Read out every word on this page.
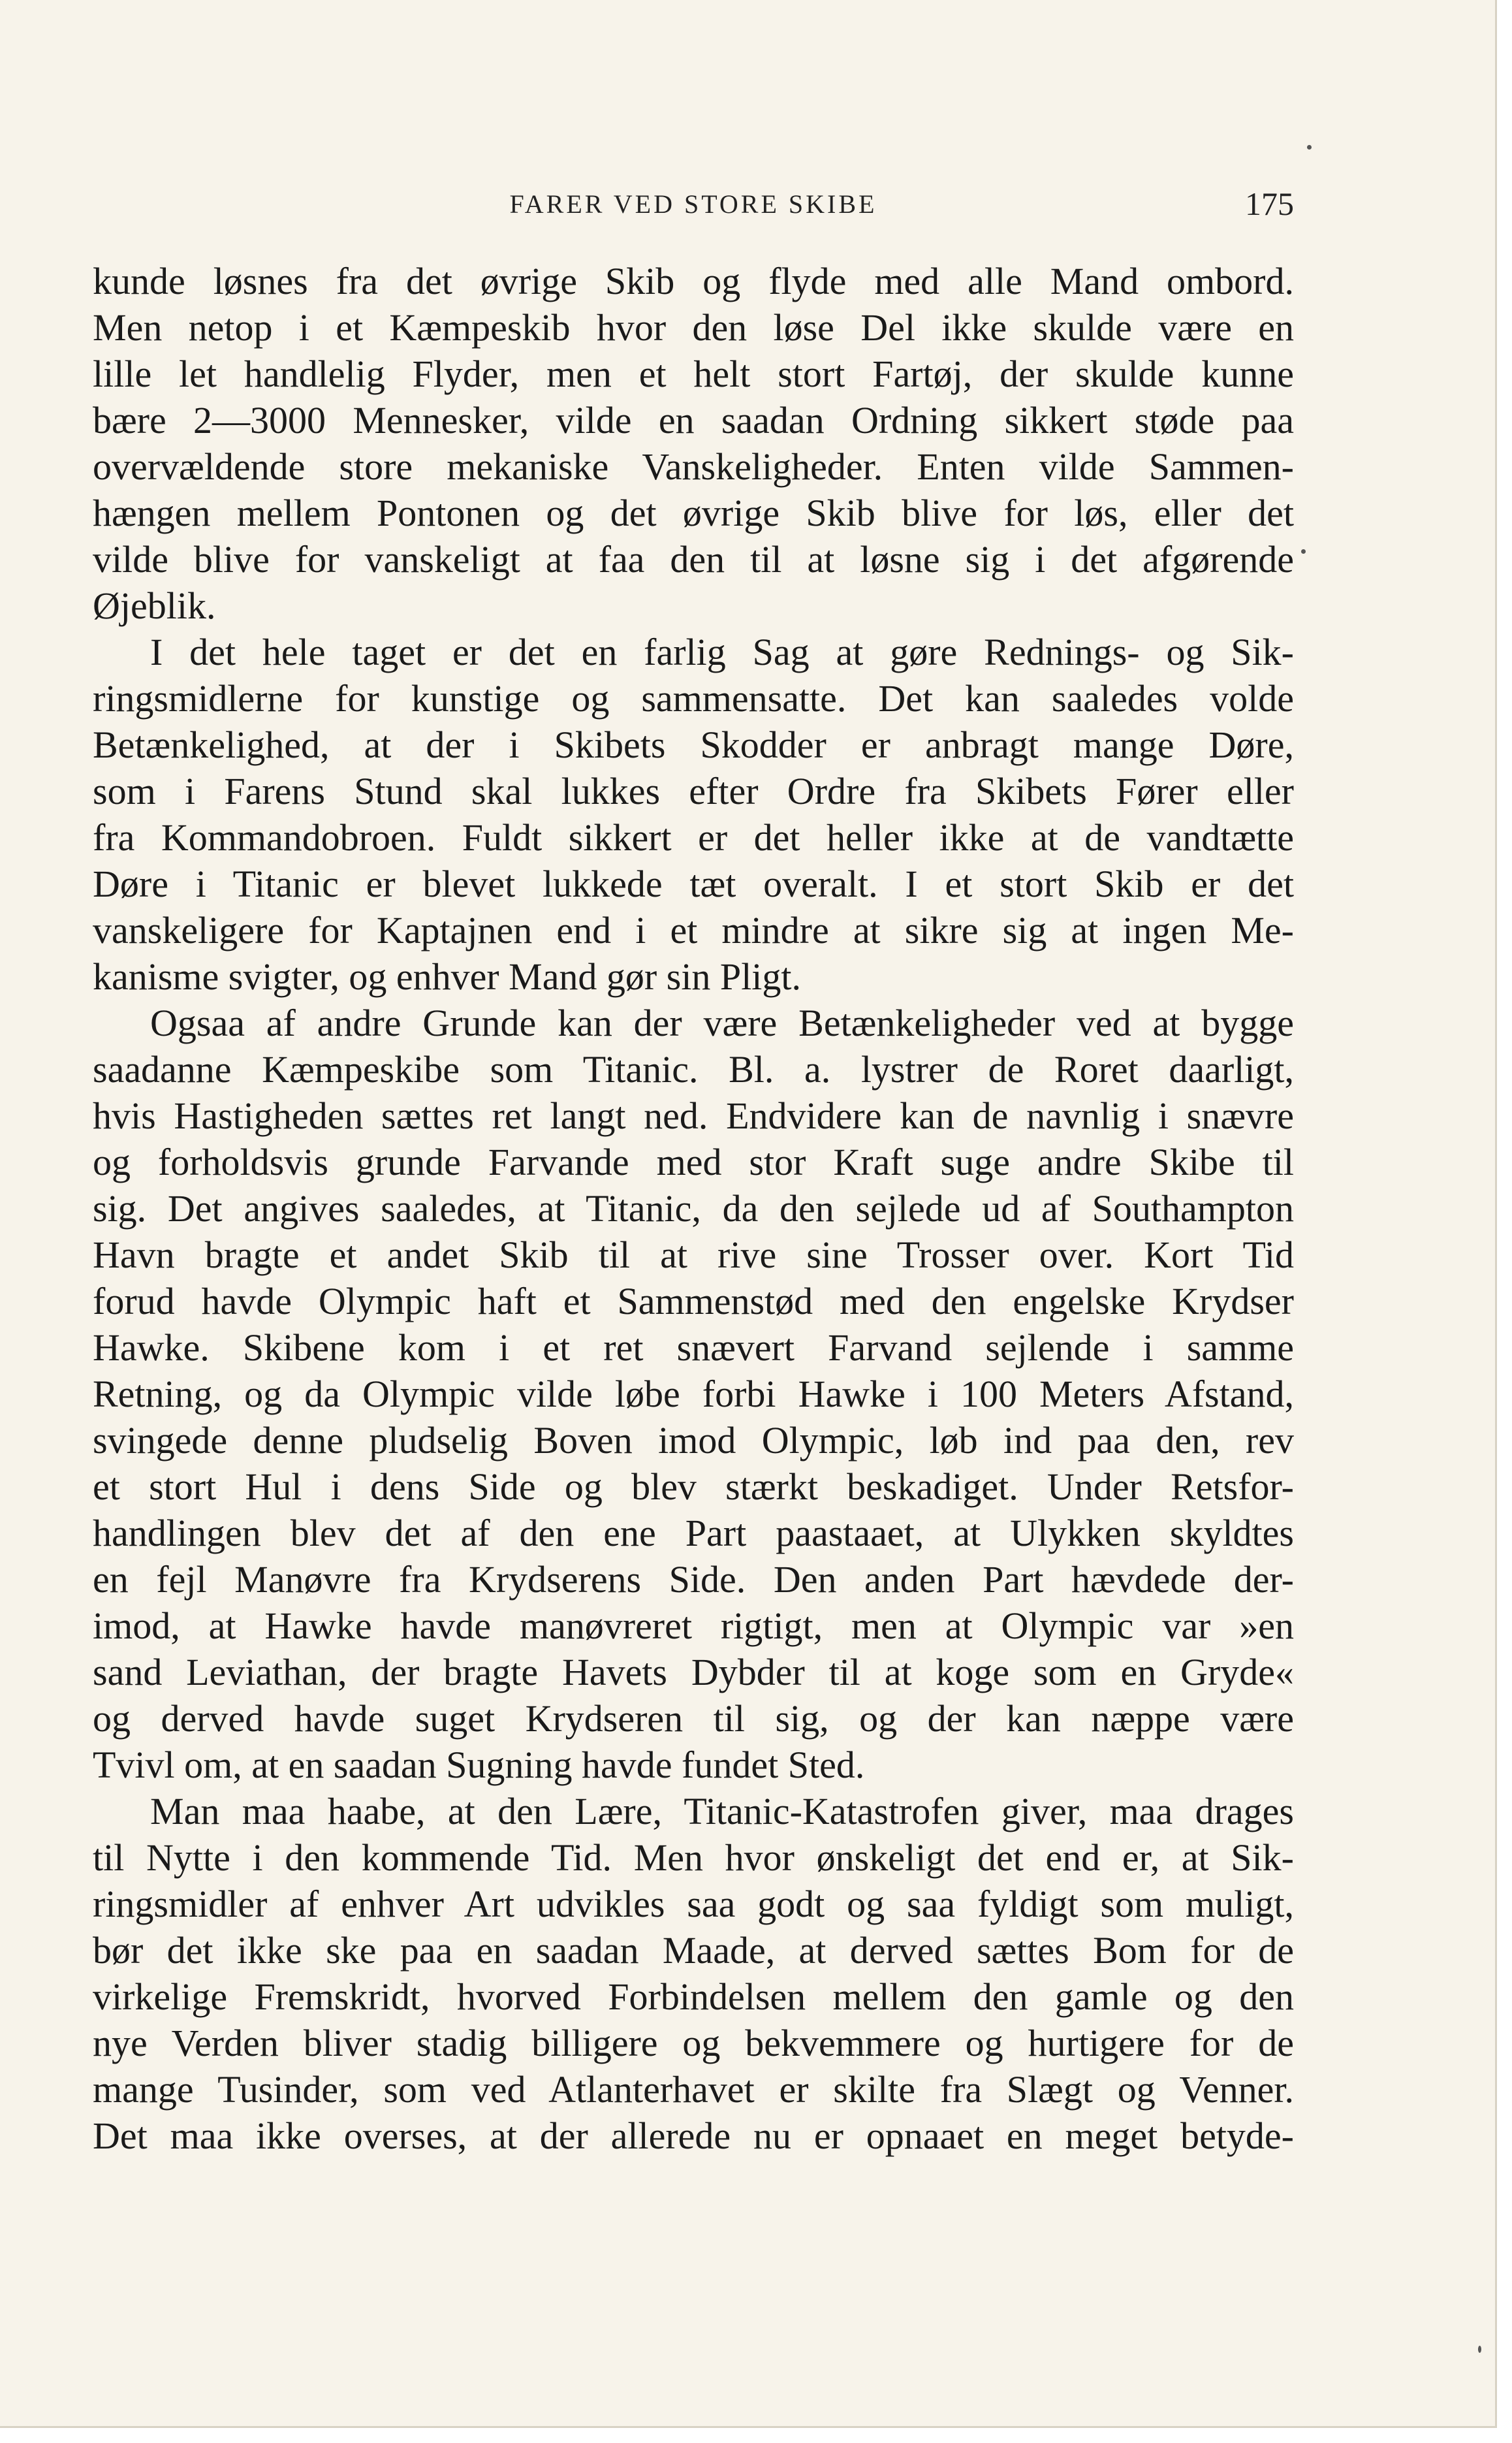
FARER VED STORE SKIBE	175
kunde løsnes fra det øvrige Skib og flyde med alle Mand ombord.
Men netop i et Kæmpeskib hvor den løse Del ikke skulde være en
lille let handlelig Flyder, men et helt stort Fartøj, der skulde kunne
bære 2—3000 Mennesker, vilde en saadan Ordning sikkert støde paa
overvældende store mekaniske Vanskeligheder. Enten vilde Sammen-
hængen mellem Pontonen og det øvrige Skib blive for løs, eller det
vilde blive for vanskeligt at faa den til at løsne sig i det afgørende
Øjeblik.
I det hele taget er det en farlig Sag at gøre Rednings- og Sik-
ringsmidlerne for kunstige og sammensatte. Det kan saaledes volde
Betænkelighed, at der i Skibets Skodder er anbragt mange Døre,
som i Farens Stund skal lukkes efter Ordre fra Skibets Fører eller
fra Kommandobroen. Fuldt sikkert er det heller ikke at de vandtætte
Døre i Titanic er blevet lukkede tæt overalt. I et stort Skib er det
vanskeligere for Kaptajnen end i et mindre at sikre sig at ingen Me-
kanisme svigter, og enhver Mand gør sin Pligt.
Ogsaa af andre Grunde kan der være Betænkeligheder ved at bygge
saadanne Kæmpeskibe som Titanic. Bl. a. lystrer de Roret daarligt,
hvis Hastigheden sættes ret langt ned. Endvidere kan de navnlig i snævre
og forholdsvis grunde Farvande med stor Kraft suge andre Skibe til
sig. Det angives saaledes, at Titanic, da den sejlede ud af Southampton
Havn bragte et andet Skib til at rive sine Trosser over. Kort Tid
forud havde Olympic haft et Sammenstød med den engelske Krydser
Hawke. Skibene kom i et ret snævert Farvand sejlende i samme
Retning, og da Olympic vilde løbe forbi Hawke i 100 Meters Afstand,
svingede denne pludselig Boven imod Olympic, løb ind paa den, rev
et stort Hul i dens Side og blev stærkt beskadiget. Under Retsfor-
handlingen blev det af den ene Part paastaaet, at Ulykken skyldtes
en fejl Manøvre fra Krydserens Side. Den anden Part hævdede der-
imod, at Hawke havde manøvreret rigtigt, men at Olympic var »en
sand Leviathan, der bragte Havets Dybder til at koge som en Gryde«
og derved havde suget Krydseren til sig, og der kan næppe være
Tvivl om, at en saadan Sugning havde fundet Sted.
Man maa haabe, at den Lære, Titanic-Katastrofen giver, maa drages
til Nytte i den kommende Tid. Men hvor ønskeligt det end er, at Sik-
ringsmidler af enhver Art udvikles saa godt og saa fyldigt som muligt,
bør det ikke ske paa en saadan Maade, at derved sættes Bom for de
virkelige Fremskridt, hvorved Forbindelsen mellem den gamle og den
nye Verden bliver stadig billigere og bekvemmere og hurtigere for de
mange Tusinder, som ved Atlanterhavet er skilte fra Slægt og Venner.
Det maa ikke overses, at der allerede nu er opnaaet en meget betyde-
